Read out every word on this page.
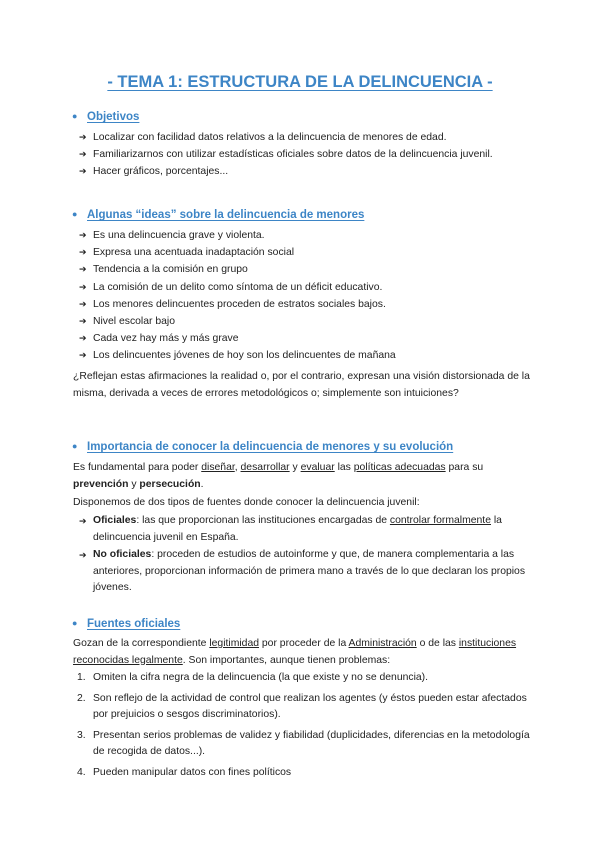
- TEMA 1: ESTRUCTURA DE LA DELINCUENCIA -
● Objetivos
➔ Localizar con facilidad datos relativos a la delincuencia de menores de edad.
➔ Familiarizarnos con utilizar estadísticas oficiales sobre datos de la delincuencia juvenil.
➔ Hacer gráficos, porcentajes...
● Algunas “ideas” sobre la delincuencia de menores
➔ Es una delincuencia grave y violenta.
➔ Expresa una acentuada inadaptación social
➔ Tendencia a la comisión en grupo
➔ La comisión de un delito como síntoma de un déficit educativo.
➔ Los menores delincuentes proceden de estratos sociales bajos.
➔ Nivel escolar bajo
➔ Cada vez hay más y más grave
➔ Los delincuentes jóvenes de hoy son los delincuentes de mañana

¿Reflejan estas afirmaciones la realidad o, por el contrario, expresan una visión distorsionada de la misma, derivada a veces de errores metodológicos o; simplemente son intuiciones?

● Importancia de conocer la delincuencia de menores y su evolución

Es fundamental para poder diseñar, desarrollar y evaluar las políticas adecuadas para su prevención y persecución.

Disponemos de dos tipos de fuentes donde conocer la delincuencia juvenil:

➔ Oficiales: las que proporcionan las instituciones encargadas de controlar formalmente la delincuencia juvenil en España.
➔ No oficiales: proceden de estudios de autoinforme y que, de manera complementaria a las anteriores, proporcionan información de primera mano a través de lo que declaran los propios jóvenes.
● Fuentes oficiales

Gozan de la correspondiente legitimidad por proceder de la Administración o de las instituciones reconocidas legalmente. Son importantes, aunque tienen problemas:

1. Omiten la cifra negra de la delincuencia (la que existe y no se denuncia).
2. Son reflejo de la actividad de control que realizan los agentes (y éstos pueden estar afectados por prejuicios o sesgos discriminatorios).
3. Presentan serios problemas de validez y fiabilidad (duplicidades, diferencias en la metodología de recogida de datos...).
4. Pueden manipular datos con fines políticos
